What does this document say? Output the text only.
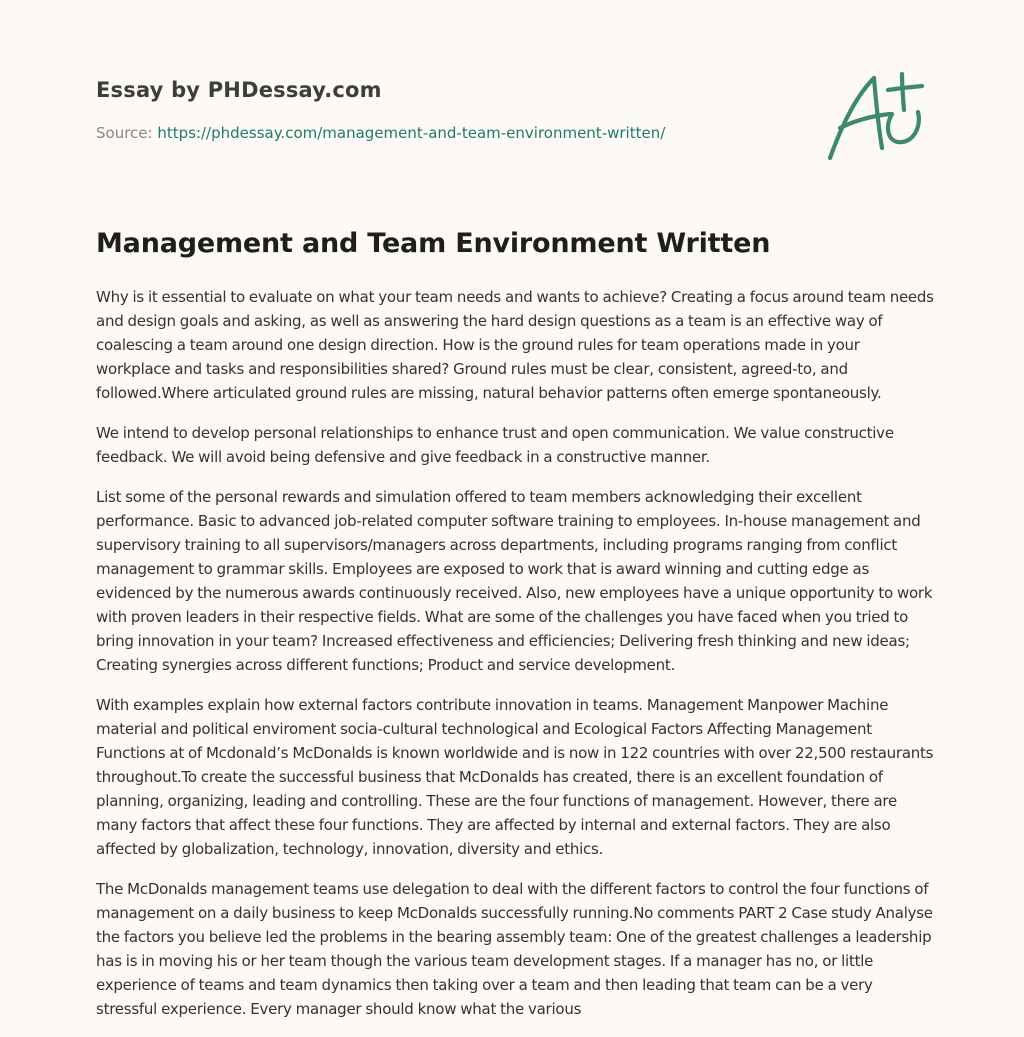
Essay by PHDessay.com
Source: https://phdessay.com/management-and-team-environment-written/
Management and Team Environment Written

Why is it essential to evaluate on what your team needs and wants to achieve? Creating a focus around team needs and design goals and asking, as well as answering the hard design questions as a team is an effective way of coalescing a team around one design direction. How is the ground rules for team operations made in your workplace and tasks and responsibilities shared? Ground rules must be clear, consistent, agreed-to, and followed.Where articulated ground rules are missing, natural behavior patterns often emerge spontaneously.

We intend to develop personal relationships to enhance trust and open communication. We value constructive feedback. We will avoid being defensive and give feedback in a constructive manner.

List some of the personal rewards and simulation offered to team members acknowledging their excellent performance. Basic to advanced job-related computer software training to employees. In-house management and supervisory training to all supervisors/managers across departments, including programs ranging from conflict management to grammar skills. Employees are exposed to work that is award winning and cutting edge as evidenced by the numerous awards continuously received. Also, new employees have a unique opportunity to work with proven leaders in their respective fields. What are some of the challenges you have faced when you tried to bring innovation in your team? Increased effectiveness and efficiencies; Delivering fresh thinking and new ideas; Creating synergies across different functions; Product and service development.

With examples explain how external factors contribute innovation in teams. Management Manpower Machine material and political enviroment socia-cultural technological and Ecological Factors Affecting Management Functions at of Mcdonald’s McDonalds is known worldwide and is now in 122 countries with over 22,500 restaurants throughout.To create the successful business that McDonalds has created, there is an excellent foundation of planning, organizing, leading and controlling. These are the four functions of management. However, there are many factors that affect these four functions. They are affected by internal and external factors. They are also affected by globalization, technology, innovation, diversity and ethics.

The McDonalds management teams use delegation to deal with the different factors to control the four functions of management on a daily business to keep McDonalds successfully running.No comments PART 2 Case study Analyse the factors you believe led the problems in the bearing assembly team: One of the greatest challenges a leadership has is in moving his or her team though the various team development stages. If a manager has no, or little experience of teams and team dynamics then taking over a team and then leading that team can be a very stressful experience. Every manager should know what the various
